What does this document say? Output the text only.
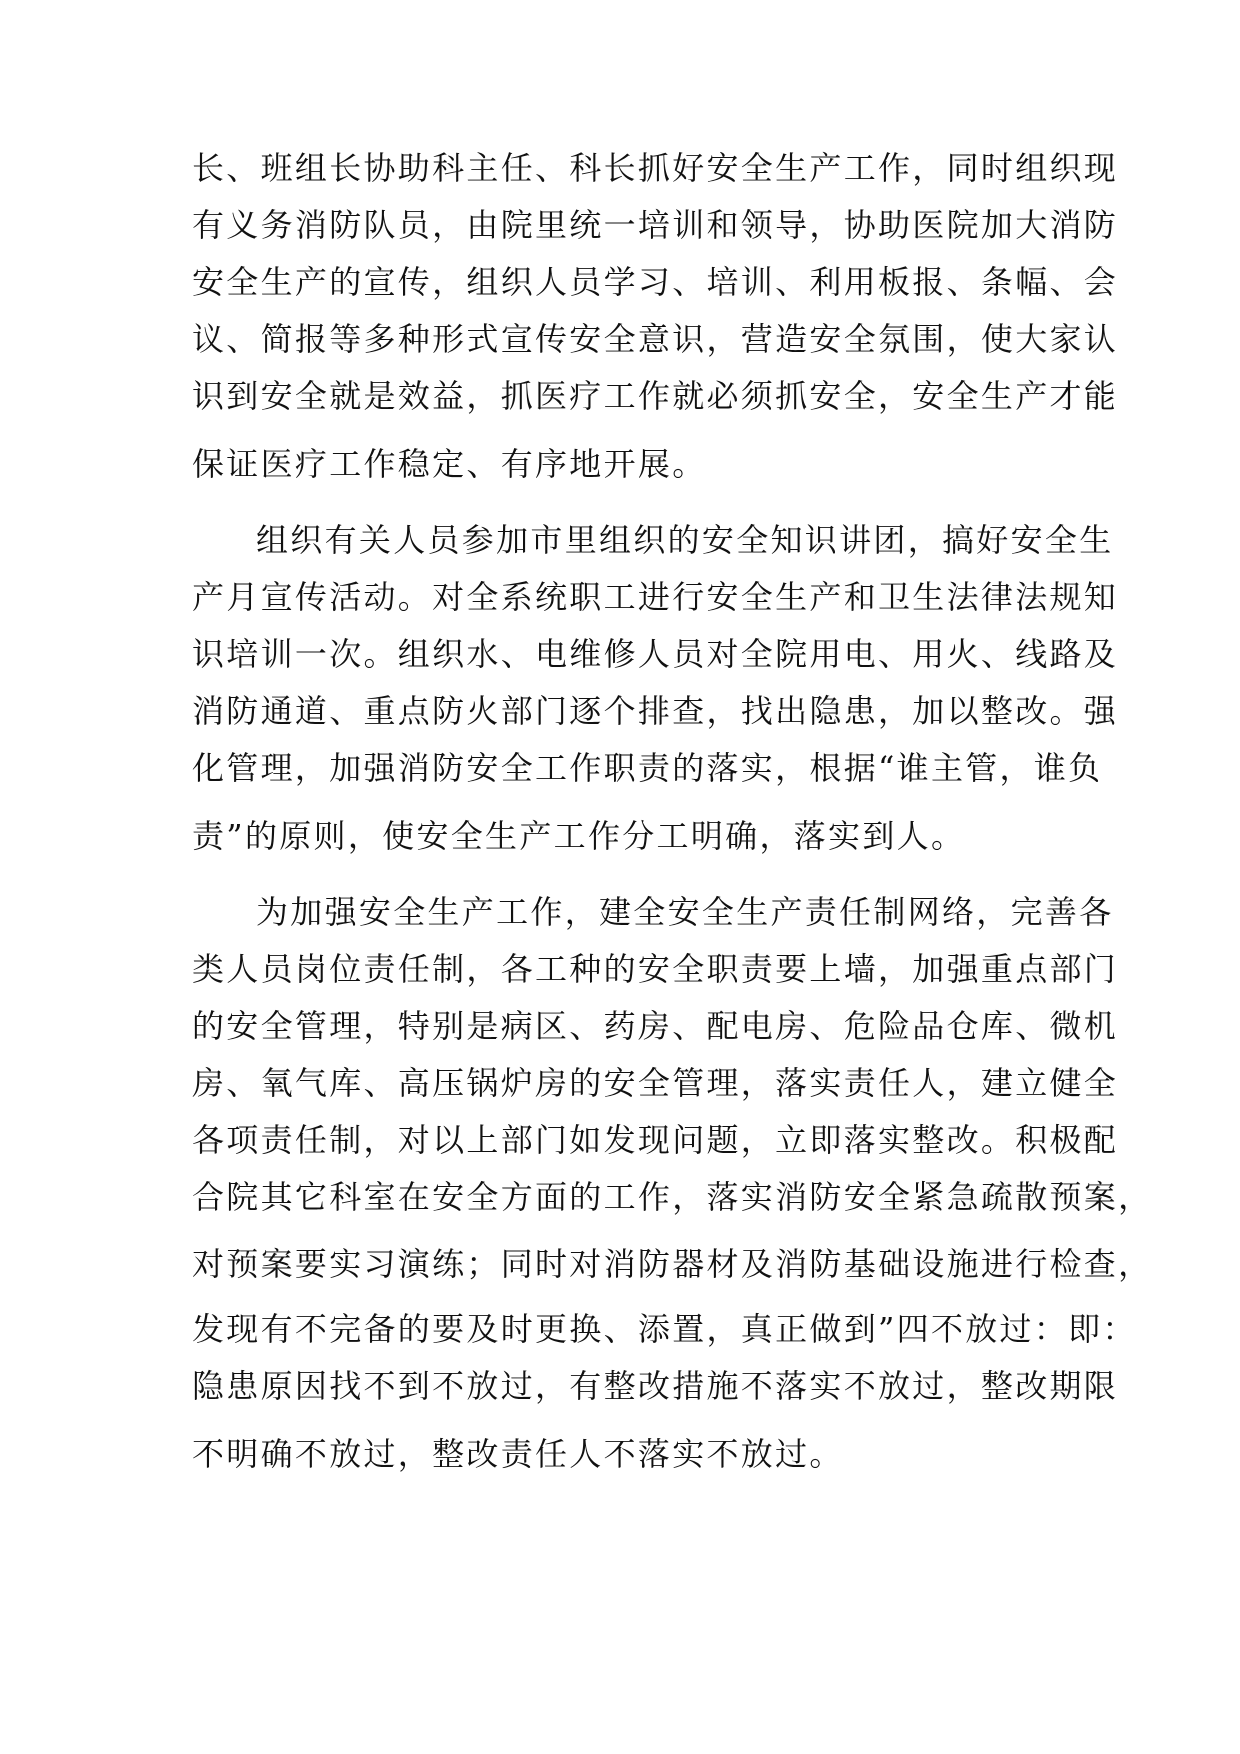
长、班组长协助科主任、科长抓好安全生产工作，同时组织现
有义务消防队员，由院里统一培训和领导，协助医院加大消防
安全生产的宣传，组织人员学习、培训、利用板报、条幅、会
议、简报等多种形式宣传安全意识，营造安全氛围，使大家认
识到安全就是效益，抓医疗工作就必须抓安全，安全生产才能
保证医疗工作稳定、有序地开展。
组织有关人员参加市里组织的安全知识讲团，搞好安全生
产月宣传活动。对全系统职工进行安全生产和卫生法律法规知
识培训一次。组织水、电维修人员对全院用电、用火、线路及
消防通道、重点防火部门逐个排查，找出隐患，加以整改。强
化管理，加强消防安全工作职责的落实，根据“谁主管，谁负
责”的原则，使安全生产工作分工明确，落实到人。
为加强安全生产工作，建全安全生产责任制网络，完善各
类人员岗位责任制，各工种的安全职责要上墙，加强重点部门
的安全管理，特别是病区、药房、配电房、危险品仓库、微机
房、氧气库、高压锅炉房的安全管理，落实责任人，建立健全
各项责任制，对以上部门如发现问题，立即落实整改。积极配
合院其它科室在安全方面的工作，落实消防安全紧急疏散预案，
对预案要实习演练；同时对消防器材及消防基础设施进行检查，
发现有不完备的要及时更换、添置，真正做到”四不放过：即：
隐患原因找不到不放过，有整改措施不落实不放过，整改期限
不明确不放过，整改责任人不落实不放过。
